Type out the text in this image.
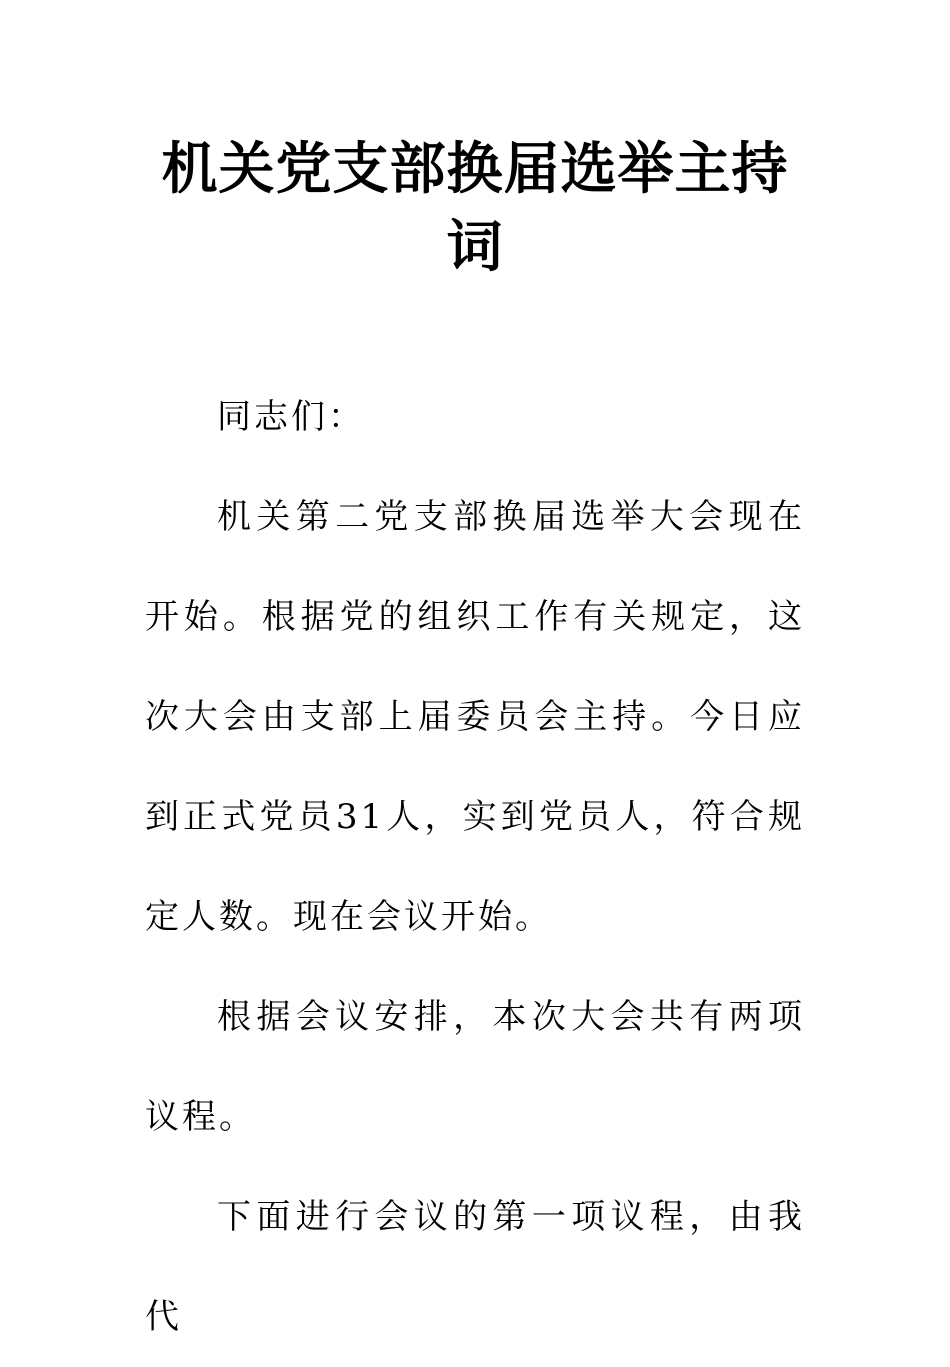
机关党支部换届选举主持词

同志们：

机关第二党支部换届选举大会现在开始。根据党的组织工作有关规定，这次大会由支部上届委员会主持。今日应到正式党员31人，实到党员人，符合规定人数。现在会议开始。

根据会议安排，本次大会共有两项议程。

下面进行会议的第一项议程，由我代
